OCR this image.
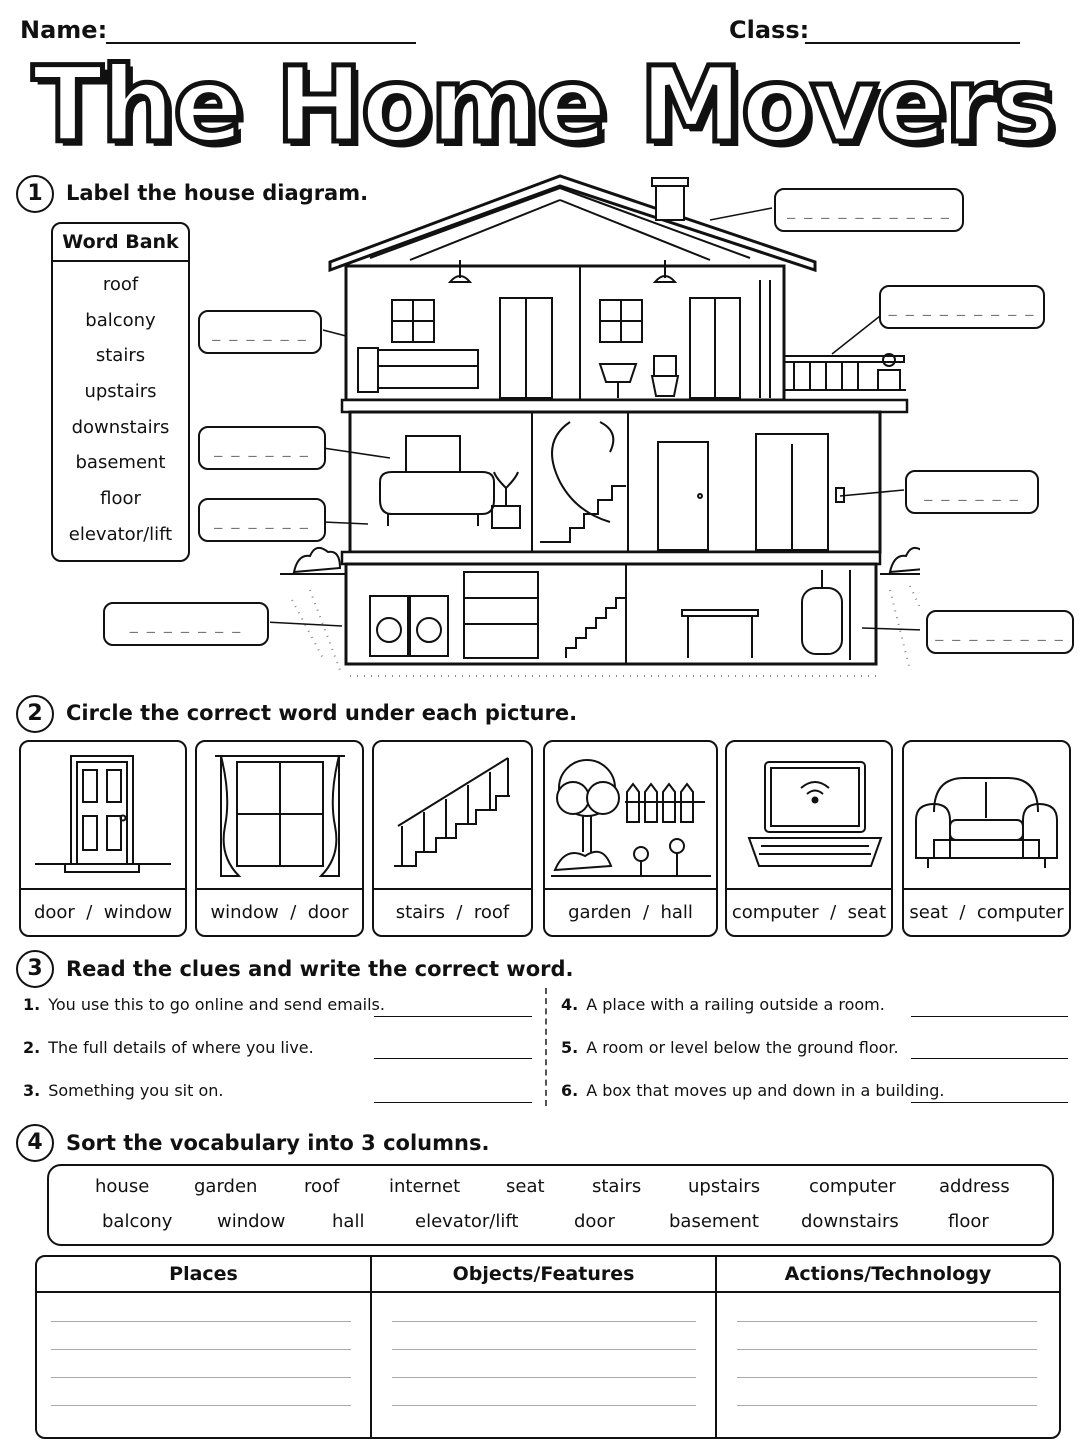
Name:	Class:
The Home Movers
1	Label the house diagram.
Word Bank
roof
balcony
stairs
upstairs
downstairs
basement
floor
elevator/lift
_ _ _ _ _ _ _ _ _ _
_ _ _ _ _ _ _ _ _
_ _ _ _ _ _
_ _ _ _ _ _
_ _ _ _ _ _
_ _ _ _ _ _
_ _ _ _ _ _ _	_ _ _ _ _ _ _ _
2	Circle the correct word under each picture.
door  /  window	window  /  door	stairs  /  roof	garden  /  hall	computer  /  seat seat  /  computer
3	Read the clues and write the correct word.
1. You use this to go online and send emails.
2. The full details of where you live.
3. Something you sit on.
4. A place with a railing outside a room.
5. A room or level below the ground floor.
6. A box that moves up and down in a building.
4	Sort the vocabulary into 3 columns.
house garden	roof	internet	seat	stairs	upstairs	computer address
balcony window	hall	elevator/lift	door	basement downstairs	floor
Places	Objects/Features	Actions/Technology
